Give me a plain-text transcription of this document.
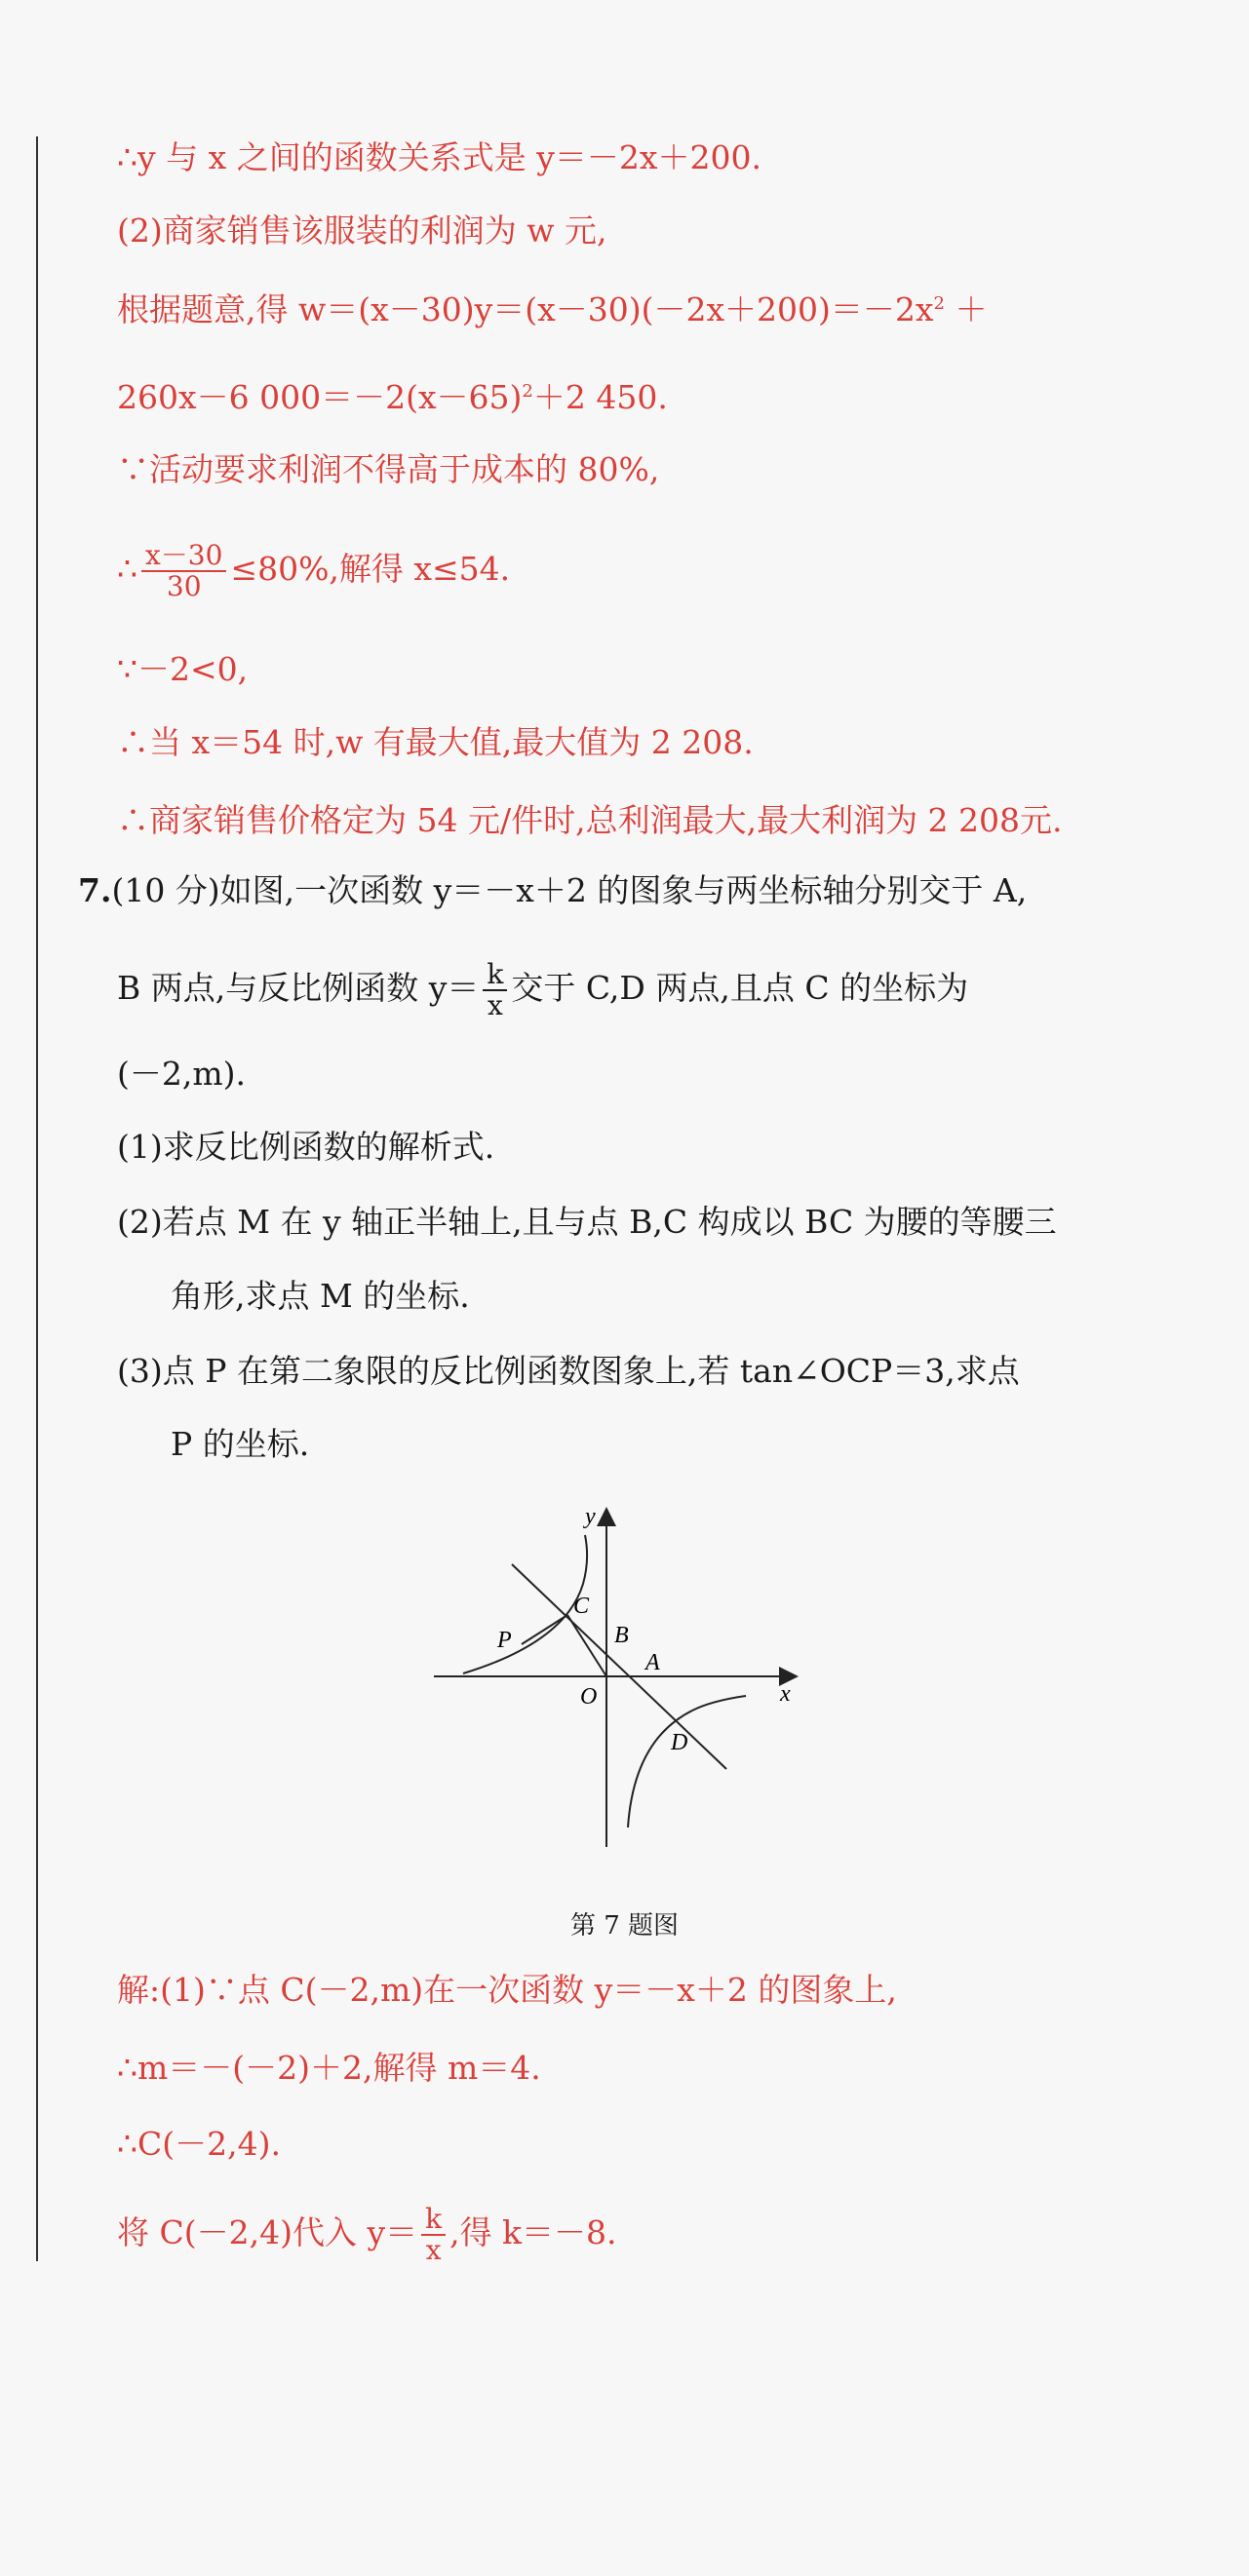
∴y 与 x 之间的函数关系式是 y＝－2x＋200.
(2)商家销售该服装的利润为 w 元,
根据题意,得 $w=(x-30)y=(x-30)(-2x+200)=-2x^2$ ＋
260x－6 $000=-2(x-65)^2+2$ 450.
∵活动要求利润不得高于成本的 80%,
∴ $\frac{x-30}{30} \le 80\%$,解得 x≤54.
∵－2<0,
∴当 x＝54 时,w 有最大值,最大值为 2 208.
∴商家销售价格定为 54 元/件时,总利润最大,最大利润为 2 208元.
7.(10 分)如图,一次函数 y＝－x＋2 的图象与两坐标轴分别交于 A,
B 两点,与反比例函数 $y= \frac{k}{x}$ 交于 C,D 两点,且点 C 的坐标为
(－2,m).
(1)求反比例函数的解析式.
(2)若点 M 在 y 轴正半轴上,且与点 B,C 构成以 BC 为腰的等腰三
角形,求点 M 的坐标.
(3)点 P 在第二象限的反比例函数图象上,若 tan∠OCP＝3,求点
P 的坐标.
y
x
C
P	B
A
O
D
第 7 题图
解:(1)∵点 C(－2,m)在一次函数 y＝－x＋2 的图象上,
∴m＝－(－2)＋2,解得 m＝4.
∴C(－2,4).
将 C(－2,4)代入 $y= \frac{k}{x}$ ,得 k＝－8.
